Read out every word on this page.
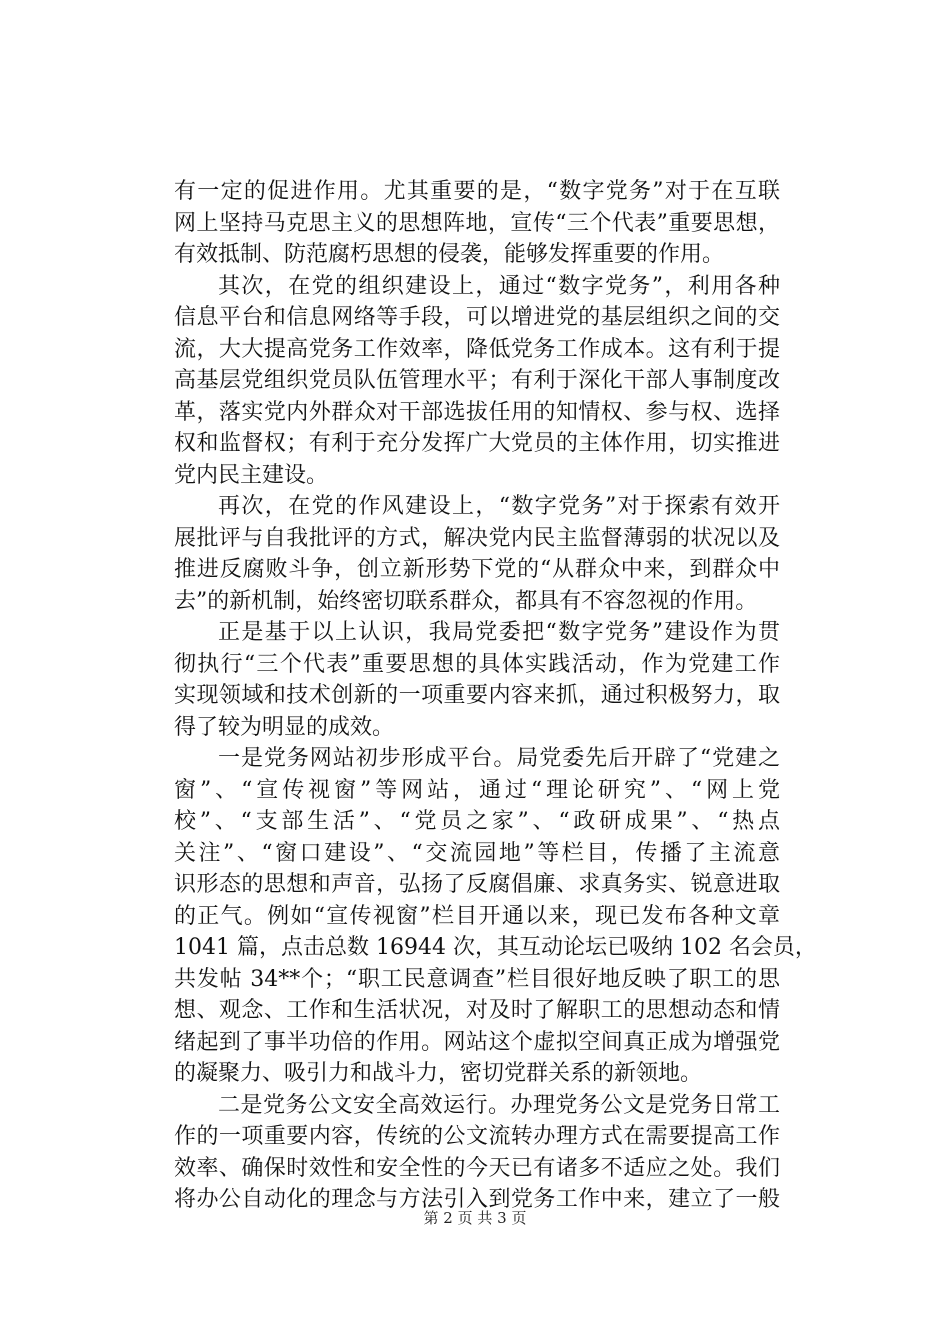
有一定的促进作用。尤其重要的是，“数字党务”对于在互联
网上坚持马克思主义的思想阵地，宣传“三个代表”重要思想，
有效抵制、防范腐朽思想的侵袭，能够发挥重要的作用。
其次，在党的组织建设上，通过“数字党务”，利用各种
信息平台和信息网络等手段，可以增进党的基层组织之间的交
流，大大提高党务工作效率，降低党务工作成本。这有利于提
高基层党组织党员队伍管理水平；有利于深化干部人事制度改
革，落实党内外群众对干部选拔任用的知情权、参与权、选择
权和监督权；有利于充分发挥广大党员的主体作用，切实推进
党内民主建设。
再次，在党的作风建设上，“数字党务”对于探索有效开
展批评与自我批评的方式，解决党内民主监督薄弱的状况以及
推进反腐败斗争，创立新形势下党的“从群众中来，到群众中
去”的新机制，始终密切联系群众，都具有不容忽视的作用。
正是基于以上认识，我局党委把“数字党务”建设作为贯
彻执行“三个代表”重要思想的具体实践活动，作为党建工作
实现领域和技术创新的一项重要内容来抓，通过积极努力，取
得了较为明显的成效。
一是党务网站初步形成平台。局党委先后开辟了“党建之
窗”、“宣传视窗”等网站，通过“理论研究”、“网上党
校”、“支部生活”、“党员之家”、“政研成果”、“热点
关注”、“窗口建设”、“交流园地”等栏目，传播了主流意
识形态的思想和声音，弘扬了反腐倡廉、求真务实、锐意进取
的正气。例如“宣传视窗”栏目开通以来，现已发布各种文章
1041 篇，点击总数 16944 次，其互动论坛已吸纳 102 名会员，
共发帖 34**个；“职工民意调查”栏目很好地反映了职工的思
想、观念、工作和生活状况，对及时了解职工的思想动态和情
绪起到了事半功倍的作用。网站这个虚拟空间真正成为增强党
的凝聚力、吸引力和战斗力，密切党群关系的新领地。
二是党务公文安全高效运行。办理党务公文是党务日常工
作的一项重要内容，传统的公文流转办理方式在需要提高工作
效率、确保时效性和安全性的今天已有诸多不适应之处。我们
将办公自动化的理念与方法引入到党务工作中来，建立了一般
第 2 页 共 3 页
